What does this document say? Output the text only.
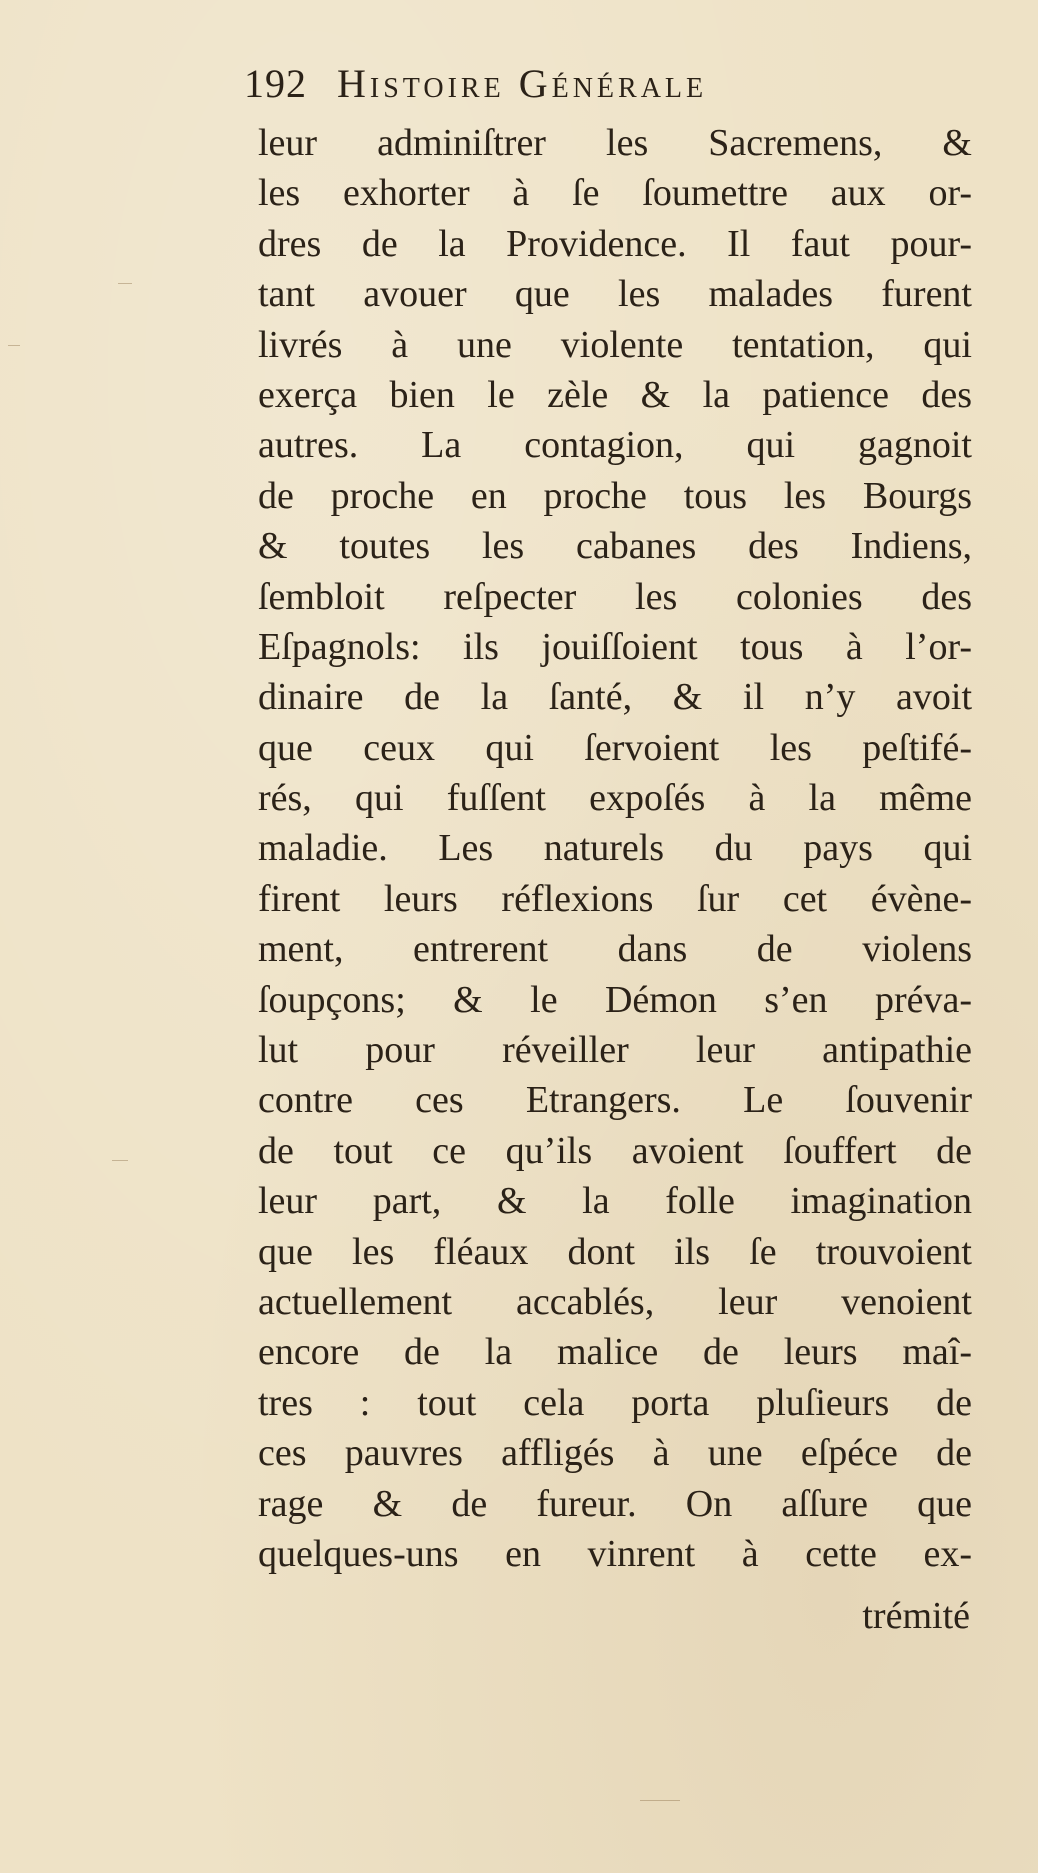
192 Histoire Générale
leur adminiſtrer les Sacremens, &
les exhorter à ſe ſoumettre aux or-
dres de la Providence. Il faut pour-
tant avouer que les malades furent
livrés à une violente tentation, qui
exerça bien le zèle & la patience des
autres. La contagion, qui gagnoit
de proche en proche tous les Bourgs
& toutes les cabanes des Indiens,
ſembloit reſpecter les colonies des
Eſpagnols: ils jouiſſoient tous à l’or-
dinaire de la ſanté, & il n’y avoit
que ceux qui ſervoient les peſtifé-
rés, qui fuſſent expoſés à la même
maladie. Les naturels du pays qui
firent leurs réflexions ſur cet évène-
ment, entrerent dans de violens
ſoupçons; & le Démon s’en préva-
lut pour réveiller leur antipathie
contre ces Etrangers. Le ſouvenir
de tout ce qu’ils avoient ſouffert de
leur part, & la folle imagination
que les fléaux dont ils ſe trouvoient
actuellement accablés, leur venoient
encore de la malice de leurs maî-
tres : tout cela porta pluſieurs de
ces pauvres affligés à une eſpéce de
rage & de fureur. On aſſure que
quelques-uns en vinrent à cette ex-
trémité
